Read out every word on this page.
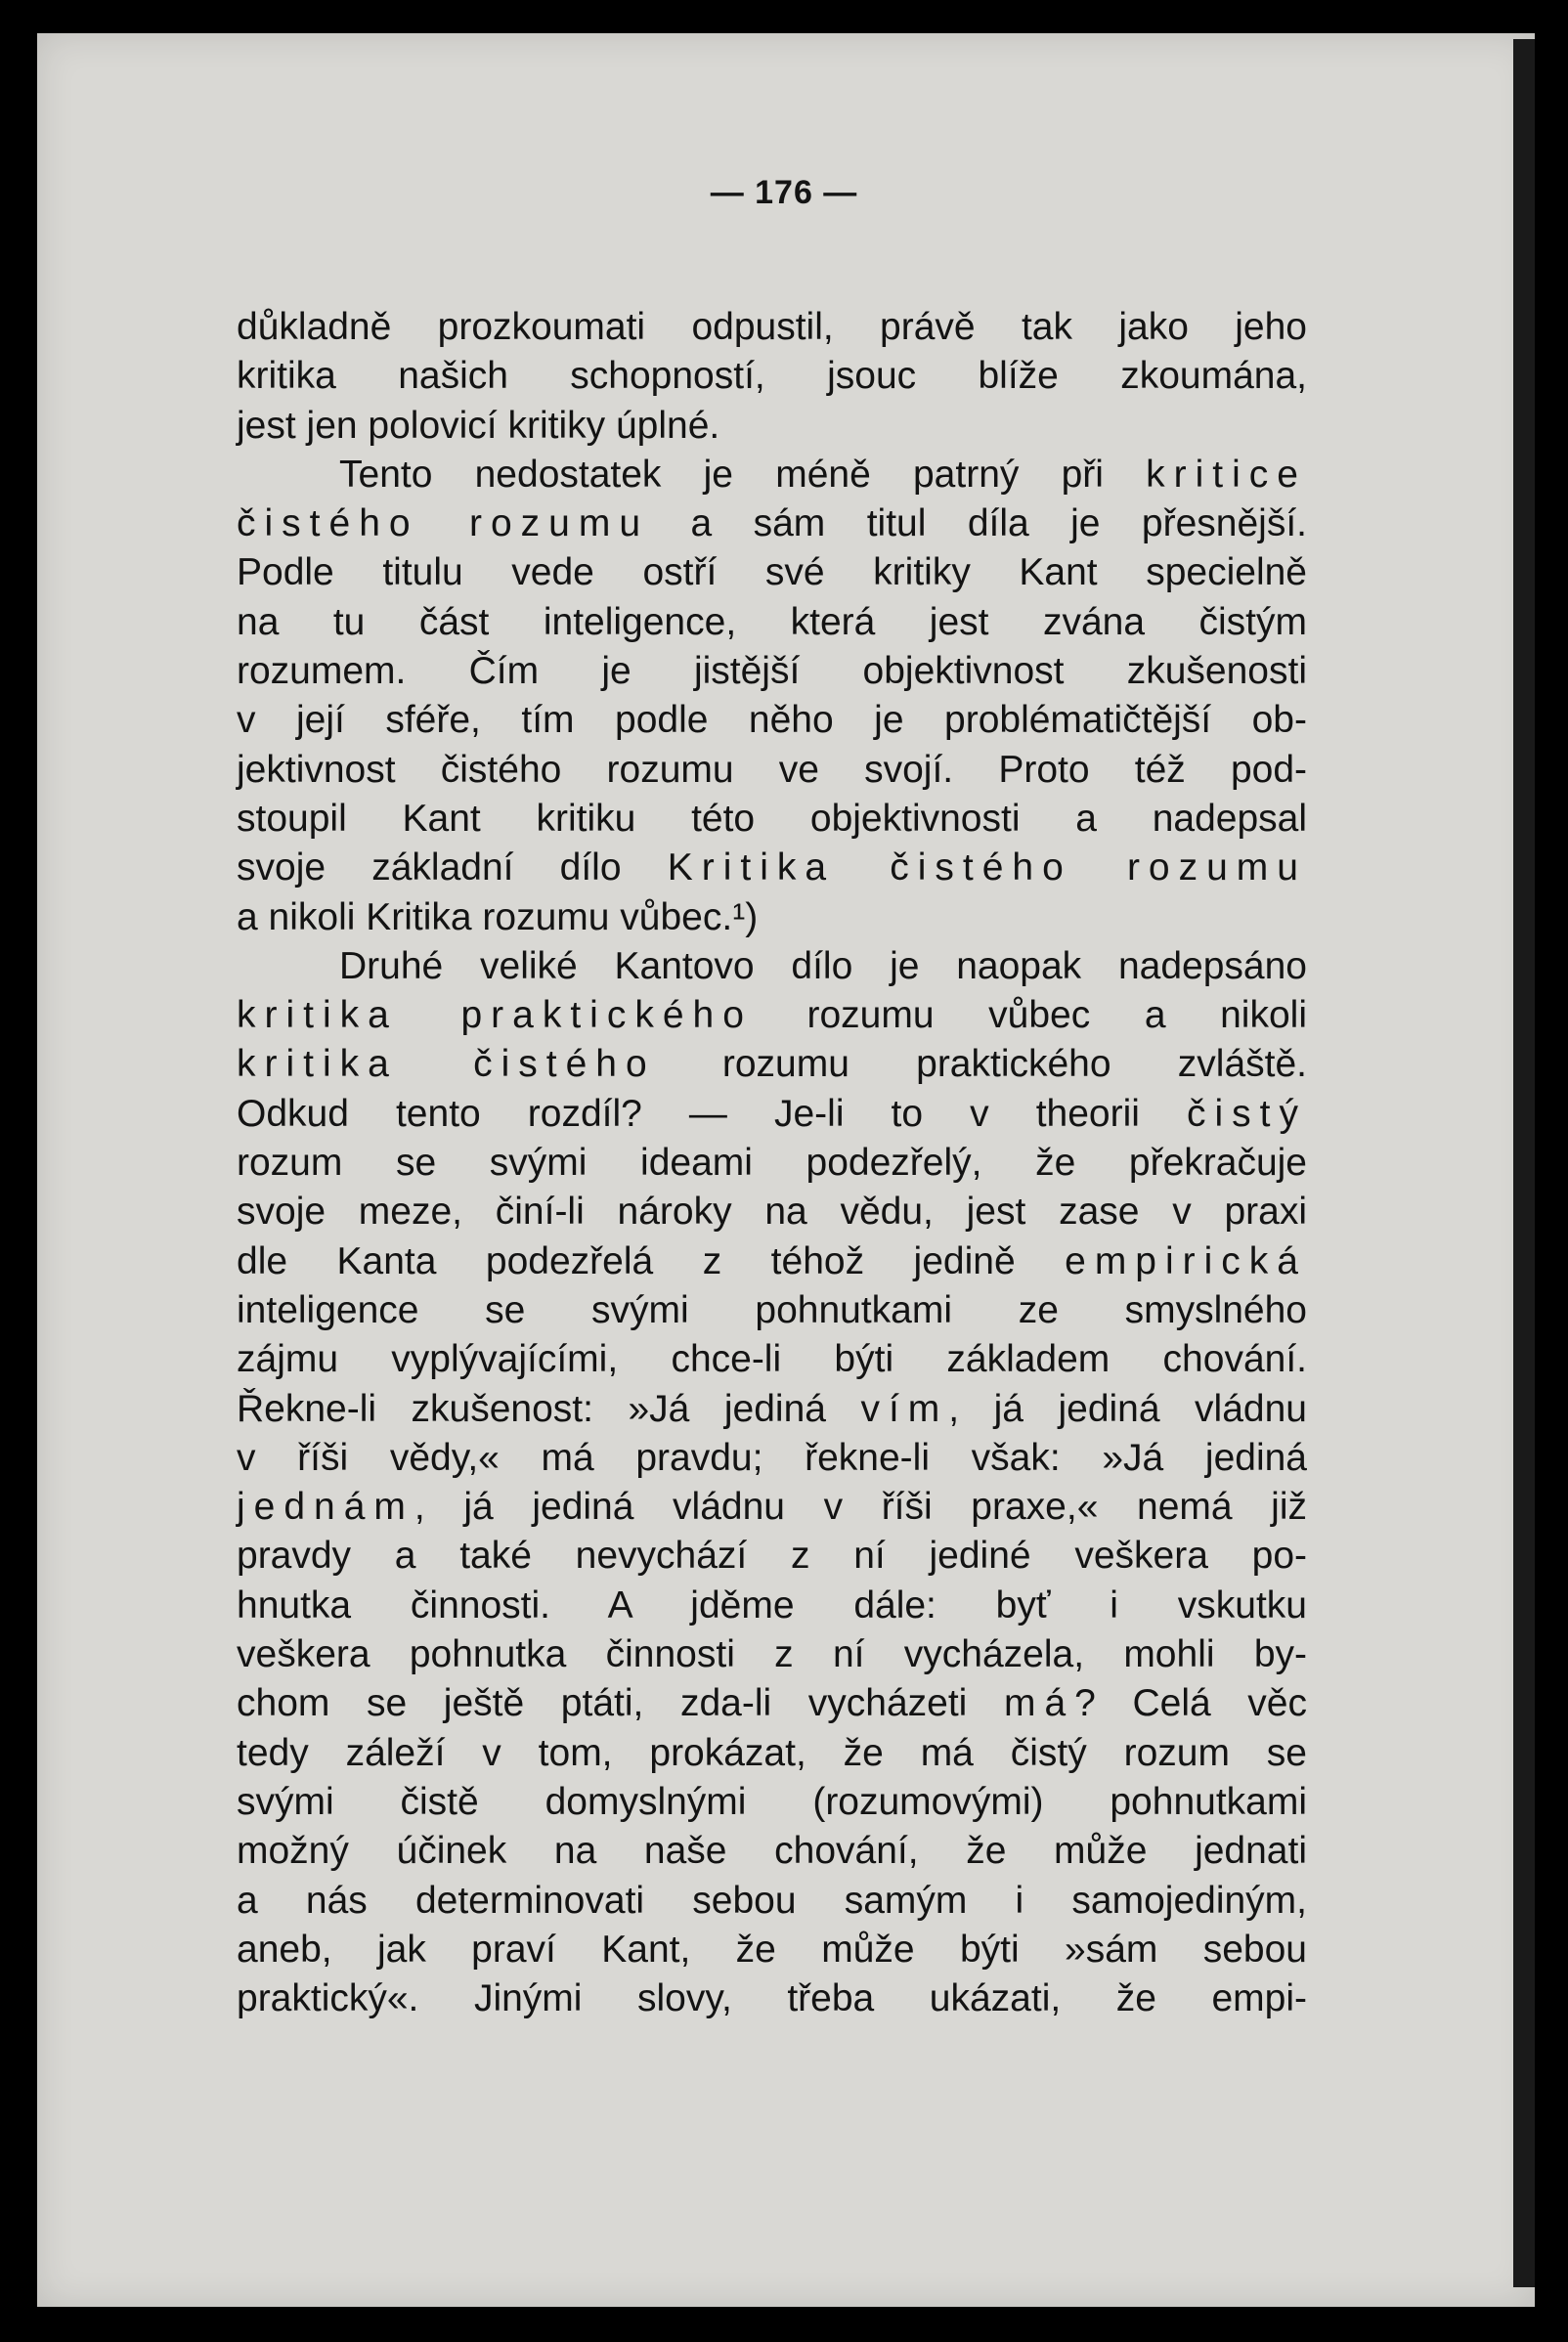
— 176 —
důkladně prozkoumati odpustil, právě tak jako jeho
kritika našich schopností, jsouc blíže zkoumána,
jest jen polovicí kritiky úplné.
Tento nedostatek je méně patrný při kritice
čistého rozumu a sám titul díla je přesnější.
Podle titulu vede ostří své kritiky Kant specielně
na tu část inteligence, která jest zvána čistým
rozumem. Čím je jistější objektivnost zkušenosti
v její sféře, tím podle něho je problématičtější ob-
jektivnost čistého rozumu ve svojí. Proto též pod-
stoupil Kant kritiku této objektivnosti a nadepsal
svoje základní dílo Kritika čistého rozumu
a nikoli Kritika rozumu vůbec.¹)
Druhé veliké Kantovo dílo je naopak nadepsáno
kritika praktického rozumu vůbec a nikoli
kritika čistého rozumu praktického zvláště.
Odkud tento rozdíl? — Je-li to v theorii čistý
rozum se svými ideami podezřelý, že překračuje
svoje meze, činí-li nároky na vědu, jest zase v praxi
dle Kanta podezřelá z téhož jedině empirická
inteligence se svými pohnutkami ze smyslného
zájmu vyplývajícími, chce-li býti základem chování.
Řekne-li zkušenost: »Já jediná vím, já jediná vládnu
v říši vědy,« má pravdu; řekne-li však: »Já jediná
jednám, já jediná vládnu v říši praxe,« nemá již
pravdy a také nevychází z ní jediné veškera po-
hnutka činnosti. A jděme dále: byť i vskutku
veškera pohnutka činnosti z ní vycházela, mohli by-
chom se ještě ptáti, zda-li vycházeti má? Celá věc
tedy záleží v tom, prokázat, že má čistý rozum se
svými čistě domyslnými (rozumovými) pohnutkami
možný účinek na naše chování, že může jednati
a nás determinovati sebou samým i samojediným,
aneb, jak praví Kant, že může býti »sám sebou
praktický«. Jinými slovy, třeba ukázati, že empi-
